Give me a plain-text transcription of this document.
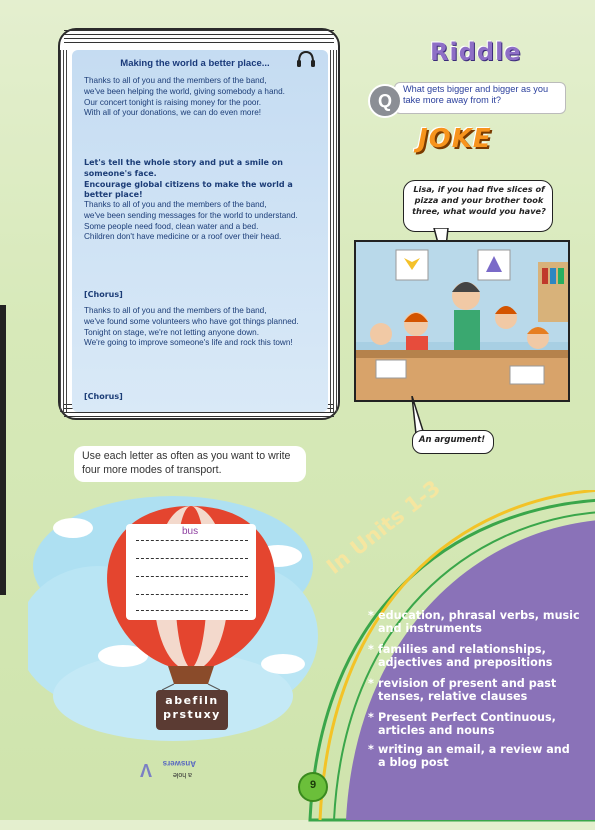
Making the world a better place...
Thanks to all of you and the members of the band,
we've been helping the world, giving somebody a hand.
Our concert tonight is raising money for the poor.
With all of your donations, we can do even more!
Let's tell the whole story and put a smile on someone's face.
Encourage global citizens to make the world a better place!
Thanks to all of you and the members of the band,
we've been sending messages for the world to understand.
Some people need food, clean water and a bed.
Children don't have medicine or a roof over their head.
[Chorus]
Thanks to all of you and the members of the band,
we've found some volunteers who have got things planned.
Tonight on stage, we're not letting anyone down.
We're going to improve someone's life and rock this town!
[Chorus]
Riddle
Q
What gets bigger and bigger as you take more away from it?
JOKE
Lisa, if you had five slices of pizza and your brother took three, what would you have?
An argument!
Use each letter as often as you want to write four more modes of transport.
bus
abefiln
prstuxy
V	a hole
Answers
In Units 1-3
* education, phrasal verbs, music and instruments
* families and relationships, adjectives and prepositions
* revision of present and past tenses, relative clauses
* Present Perfect Continuous, articles and nouns
* writing an email, a review and a blog post
9
